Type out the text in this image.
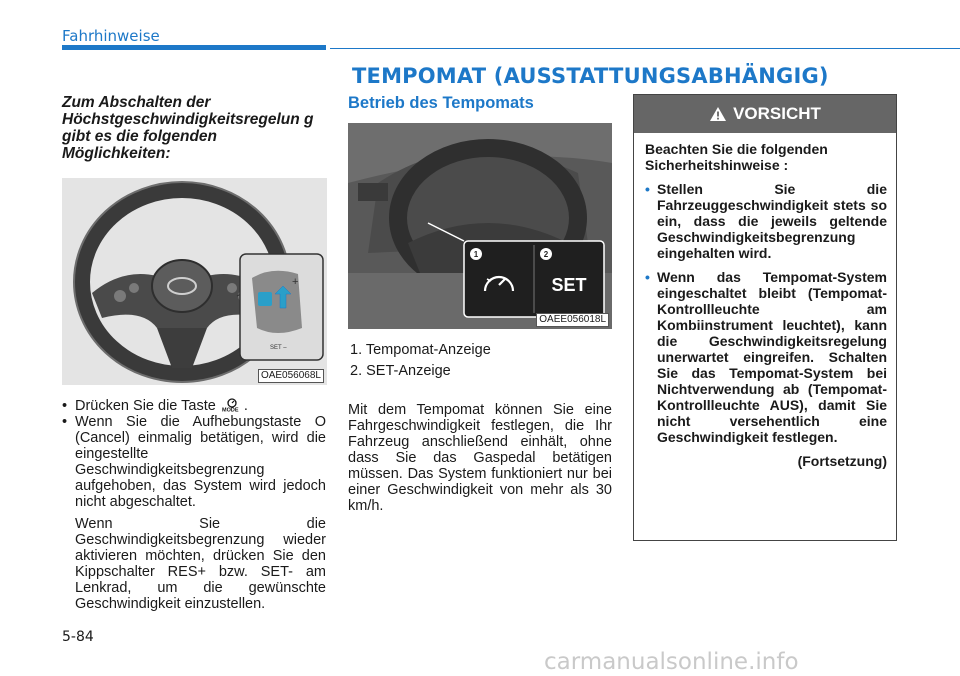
Fahrhinweise
TEMPOMAT (AUSSTATTUNGSABHÄNGIG)
Zum Abschalten der Höchstgeschwindigkeitsregelun g gibt es die folgenden Möglichkeiten:
+
SET –
OAE056068L
• Drücken Sie die Taste MODE .
• Wenn Sie die Aufhebungstaste O (Cancel) einmalig betätigen, wird die eingestellte Geschwindigkeitsbegrenzung aufgehoben, das System wird jedoch nicht abgeschaltet.
Wenn Sie die Geschwindigkeitsbegrenzung wieder aktivieren möchten, drücken Sie den Kippschalter RES+ bzw. SET- am Lenkrad, um die gewünschte Geschwindigkeit einzustellen.
Betrieb des Tempomats
1	2
SET
OAEE056018L
1. Tempomat-Anzeige
2. SET-Anzeige
Mit dem Tempomat können Sie eine Fahrgeschwindigkeit festlegen, die Ihr Fahrzeug anschließend einhält, ohne dass Sie das Gaspedal betätigen müssen. Das System funktioniert nur bei einer Geschwindigkeit von mehr als 30 km/h.
VORSICHT

Beachten Sie die folgenden Sicherheitshinweise :

• Stellen Sie die Fahrzeuggeschwindigkeit stets so ein, dass die jeweils geltende Geschwindigkeitsbegrenzung eingehalten wird.
• Wenn das Tempomat-System eingeschaltet bleibt (Tempomat-Kontrollleuchte am Kombiinstrument leuchtet), kann die Geschwindigkeitsregelung unerwartet eingreifen. Schalten Sie das Tempomat-System bei Nichtverwendung ab (Tempomat-Kontrollleuchte AUS), damit Sie nicht versehentlich eine Geschwindigkeit festlegen.
(Fortsetzung)
5-84
carmanualsonline.info
